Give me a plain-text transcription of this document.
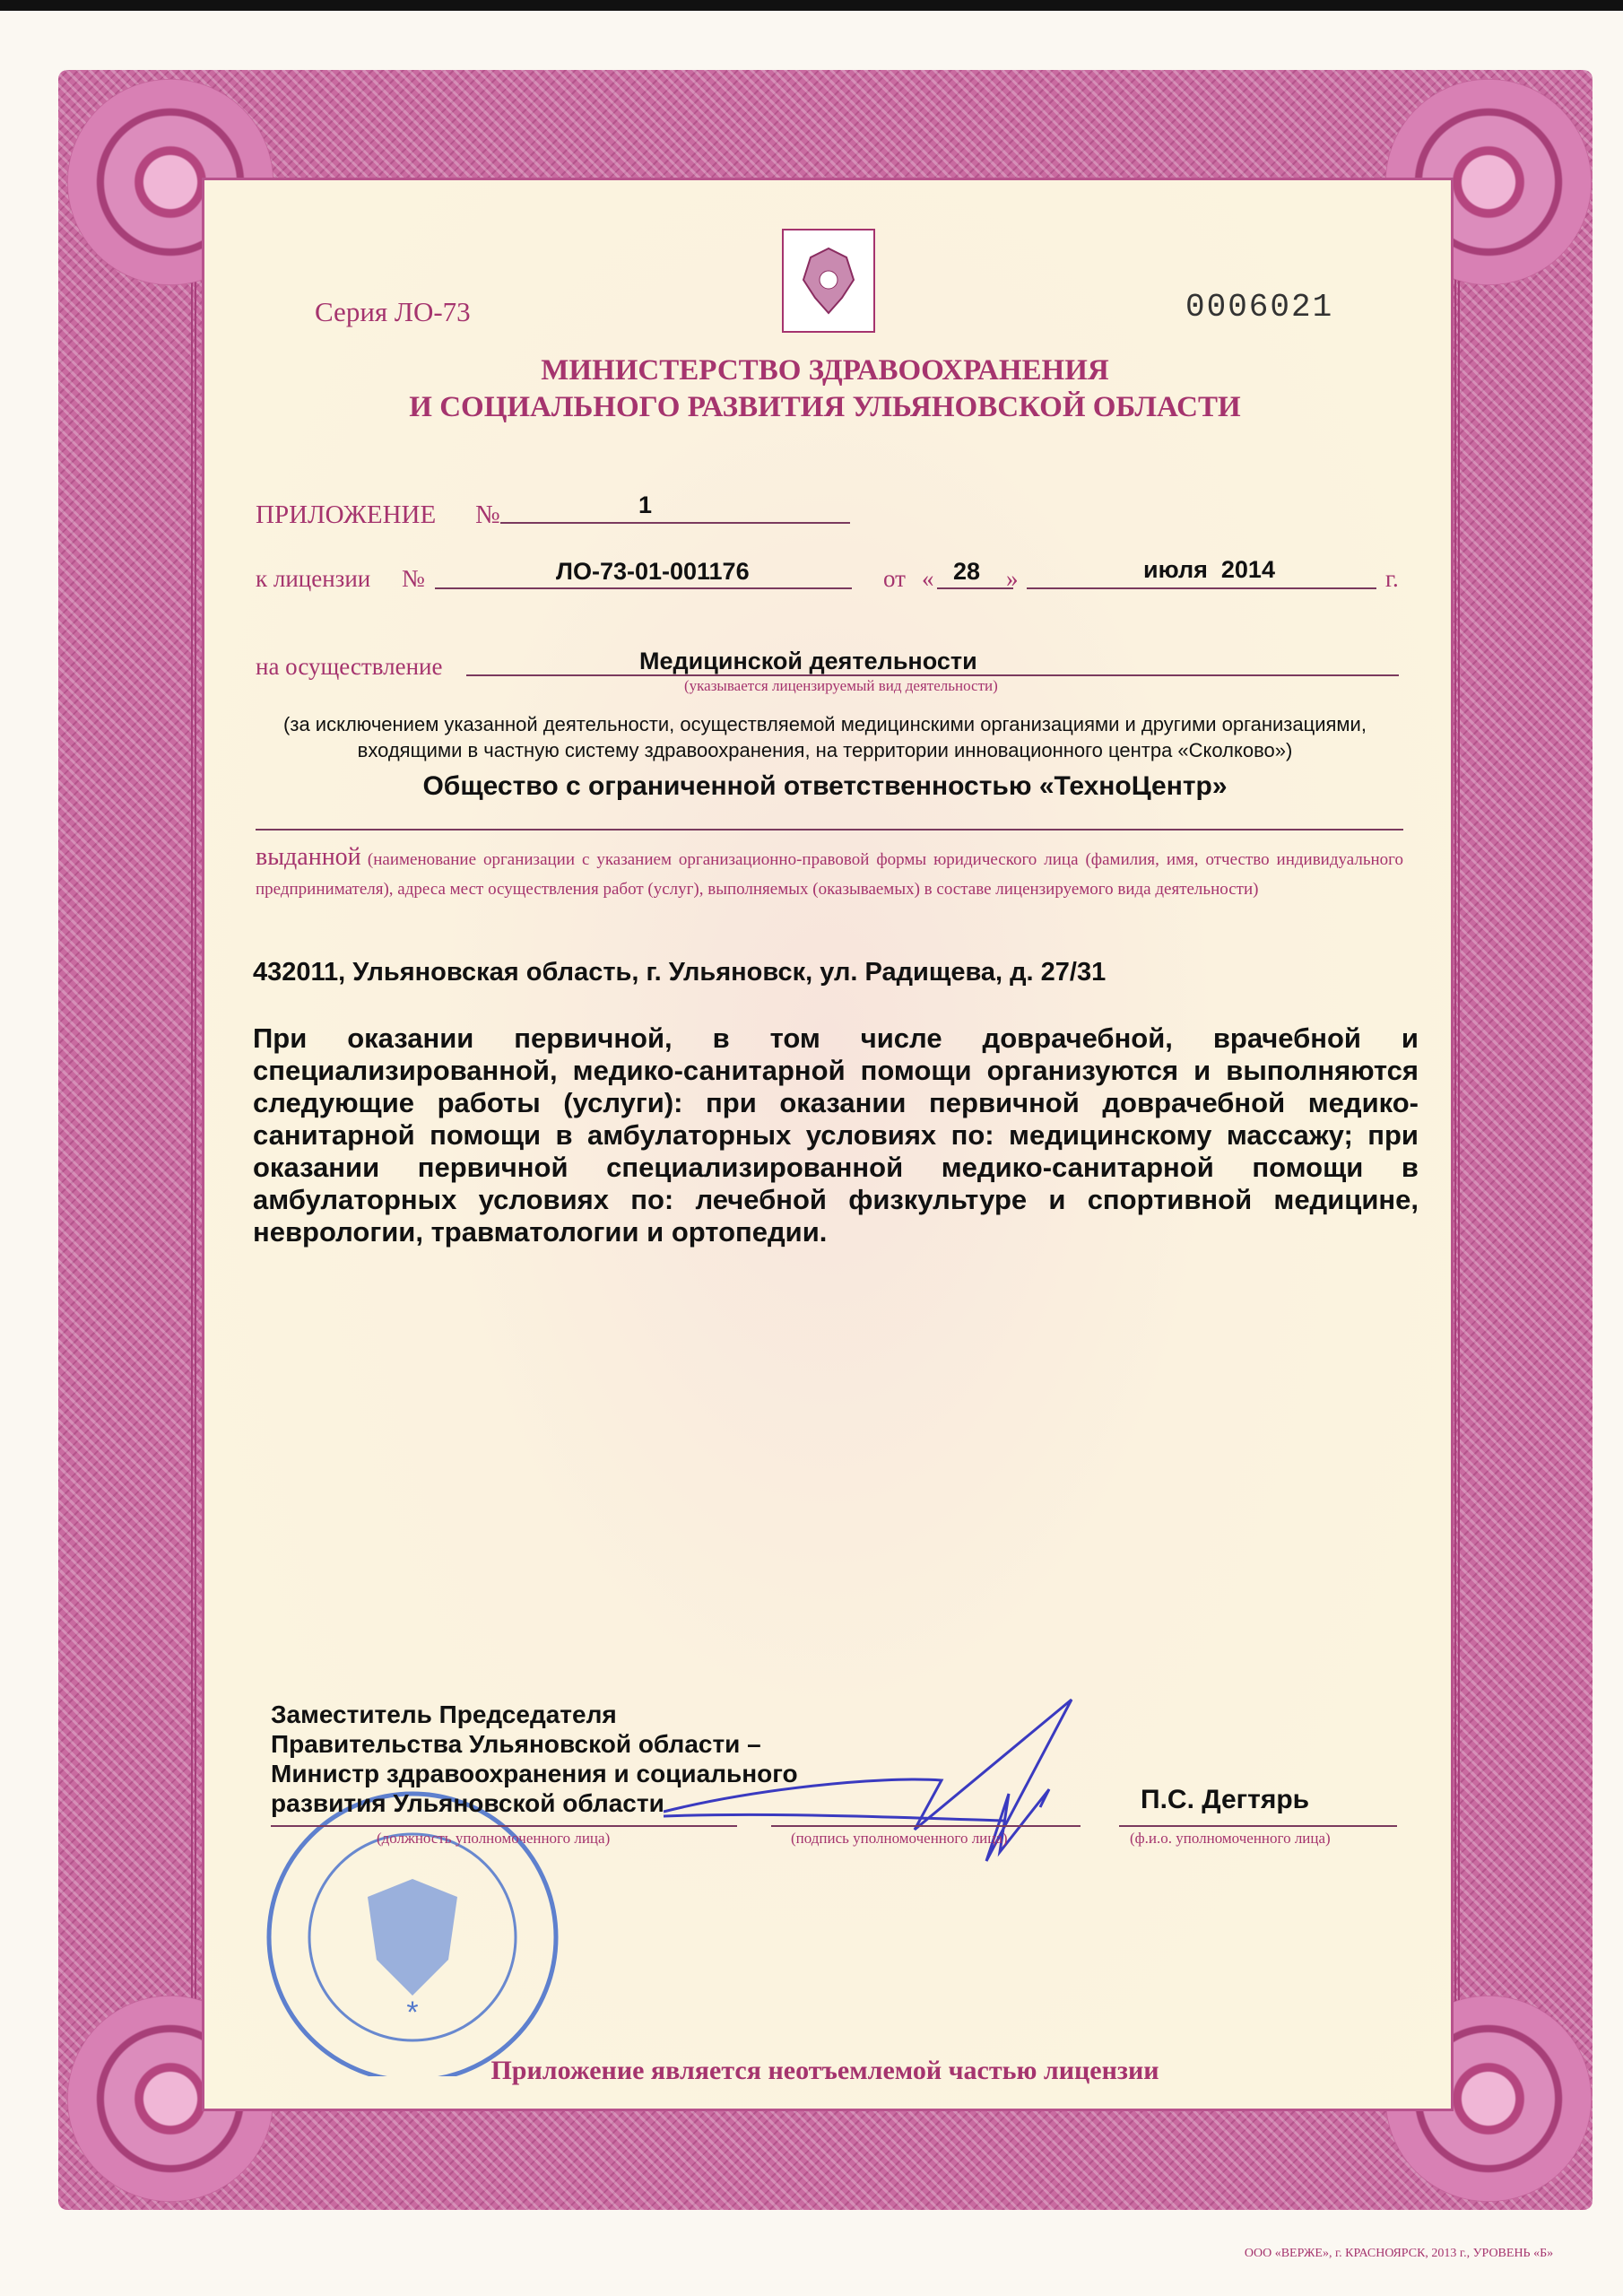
Серия ЛО-73	0006021
МИНИСТЕРСТВО ЗДРАВООХРАНЕНИЯ
И СОЦИАЛЬНОГО РАЗВИТИЯ УЛЬЯНОВСКОЙ ОБЛАСТИ
ПРИЛОЖЕНИЕ №	1
к лицензии №	ЛО-73-01-001176	от « 28 »	июля  2014	г.
на осуществление	Медицинской деятельности
(указывается лицензируемый вид деятельности)
(за исключением указанной деятельности, осуществляемой медицинскими организациями и другими организациями,
входящими в частную систему здравоохранения, на территории инновационного центра «Сколково»)
Общество с ограниченной ответственностью «ТехноЦентр»
выданной (наименование организации с указанием организационно-правовой формы юридического лица (фамилия, имя, отчество индивидуального предпринимателя), адреса мест осуществления работ (услуг), выполняемых (оказываемых) в составе лицензируемого вида деятельности)
432011, Ульяновская область, г. Ульяновск, ул. Радищева, д. 27/31
При оказании первичной, в том числе доврачебной, врачебной и специализированной, медико-санитарной помощи организуются и выполняются следующие работы (услуги): при оказании первичной доврачебной медико-санитарной помощи в амбулаторных условиях по: медицинскому массажу; при оказании первичной специализированной медико-санитарной помощи в амбулаторных условиях по: лечебной физкультуре и спортивной медицине, неврологии, травматологии и ортопедии.
*
Заместитель Председателя
Правительства Ульяновской области –
Министр здравоохранения и социального
развития Ульяновской области	П.С. Дегтярь
(должность уполномоченного лица)	(подпись уполномоченного лица)	(ф.и.о. уполномоченного лица)
Приложение является неотъемлемой частью лицензии
ООО «ВЕРЖЕ», г. КРАСНОЯРСК, 2013 г., УРОВЕНЬ «Б»
